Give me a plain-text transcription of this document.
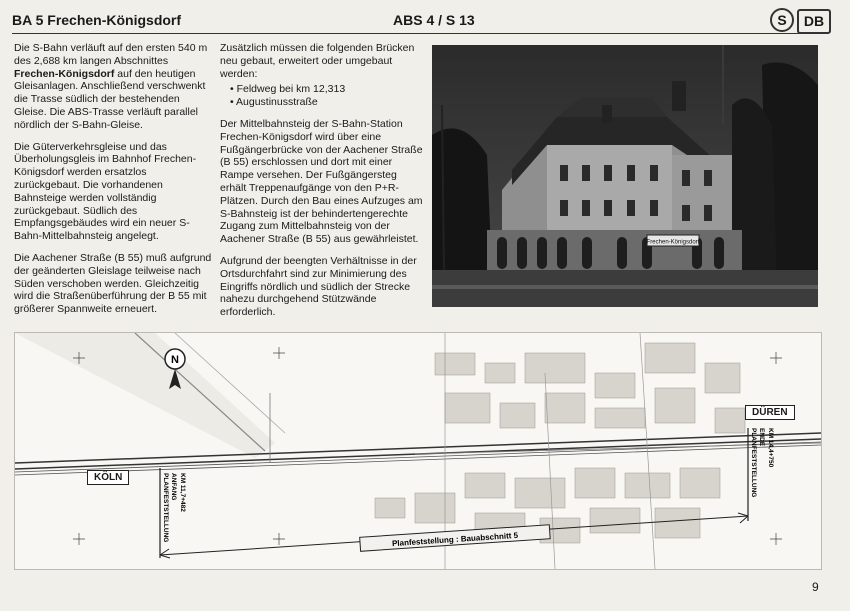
BA 5 Frechen-Königsdorf	ABS 4 / S 13	S	DB

Die S-Bahn verläuft auf den ersten 540 m des 2,688 km langen Abschnittes Frechen-Königsdorf auf den heutigen Gleisanlagen. Anschließend verschwenkt die Trasse südlich der bestehenden Gleise. Die ABS-Trasse verläuft parallel nördlich der S-Bahn-Gleise.

Die Güterverkehrsgleise und das Überholungsgleis im Bahnhof Frechen-Königsdorf werden ersatzlos zurückgebaut. Die vorhandenen Bahnsteige werden vollständig zurückgebaut. Südlich des Empfangsgebäudes wird ein neuer S-Bahn-Mittelbahnsteig angelegt.

Die Aachener Straße (B 55) muß aufgrund der geänderten Gleislage teilweise nach Süden verschoben werden. Gleichzeitig wird die Straßenüberführung der B 55 mit größerer Spannweite erneuert.

Zusätzlich müssen die folgenden Brücken neu gebaut, erweitert oder umgebaut werden:

• Feldweg bei km 12,313
• Augustinusstraße

Der Mittelbahnsteig der S-Bahn-Station Frechen-Königsdorf wird über eine Fußgängerbrücke von der Aachener Straße (B 55) erschlossen und dort mit einer Rampe versehen. Der Fußgängersteg erhält Treppenaufgänge von den P+R-Plätzen. Durch den Bau eines Aufzuges am S-Bahnsteig ist der behindertengerechte Zugang zum Mittelbahnsteig von der Aachener Straße (B 55) aus gewährleistet.

Aufgrund der beengten Verhältnisse in der Ortsdurchfahrt sind zur Minimierung des Eingriffs nördlich und südlich der Strecke nahezu durchgehend Stützwände erforderlich.

Frechen-Königsdorf
N
ANFANG
PLANFESTSTELLUNG KM 11,7+482
ENDE
PLANFESTSTELLUNG KM 14,4+750
Planfeststellung : Bauabschnitt 5
KÖLN
DÜREN
9
